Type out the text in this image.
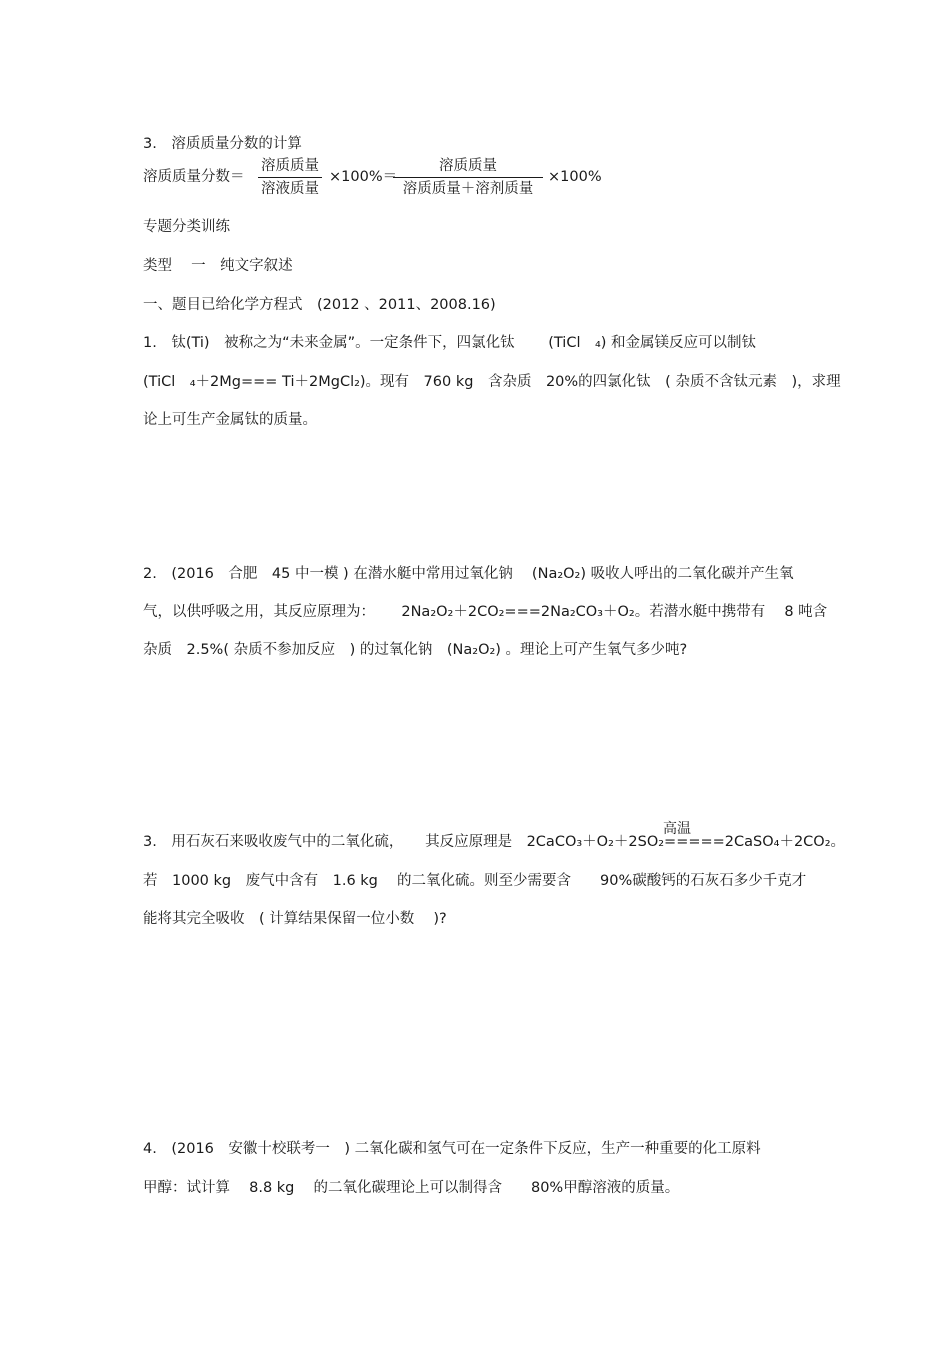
3.　溶质质量分数的计算
溶质质量分数＝
溶质质量
溶液质量
×100%＝
溶质质量
溶质质量＋溶剂质量
×100%
专题分类训练
类型　 一　纯文字叙述
一、题目已给化学方程式　(2012 、2011、2008.16)
1.　钛(Ti)　被称之为“未来金属”。一定条件下，四氯化钛　　 (TiCl　₄) 和金属镁反应可以制钛
(TiCl　₄＋2Mg=== Ti＋2MgCl₂)。现有　760 kg　含杂质　20%的四氯化钛　( 杂质不含钛元素　)，求理
论上可生产金属钛的质量。
2.　(2016　合肥　45 中一模 ) 在潜水艇中常用过氧化钠　 (Na₂O₂) 吸收人呼出的二氧化碳并产生氧
气，以供呼吸之用，其反应原理为：　　 2Na₂O₂＋2CO₂===2Na₂CO₃＋O₂。若潜水艇中携带有　 8 吨含
杂质　2.5%( 杂质不参加反应　) 的过氧化钠　(Na₂O₂) 。理论上可产生氧气多少吨?
高温
3.　用石灰石来吸收废气中的二氧化硫，　　其反应原理是　2CaCO₃＋O₂＋2SO₂=====2CaSO₄＋2CO₂。
若　1000 kg　废气中含有　1.6 kg　 的二氧化硫。则至少需要含　　90%碳酸钙的石灰石多少千克才
能将其完全吸收　( 计算结果保留一位小数　 )?
4.　(2016　安徽十校联考一　) 二氧化碳和氢气可在一定条件下反应，生产一种重要的化工原料
甲醇：试计算　 8.8 kg　 的二氧化碳理论上可以制得含　　80%甲醇溶液的质量。
